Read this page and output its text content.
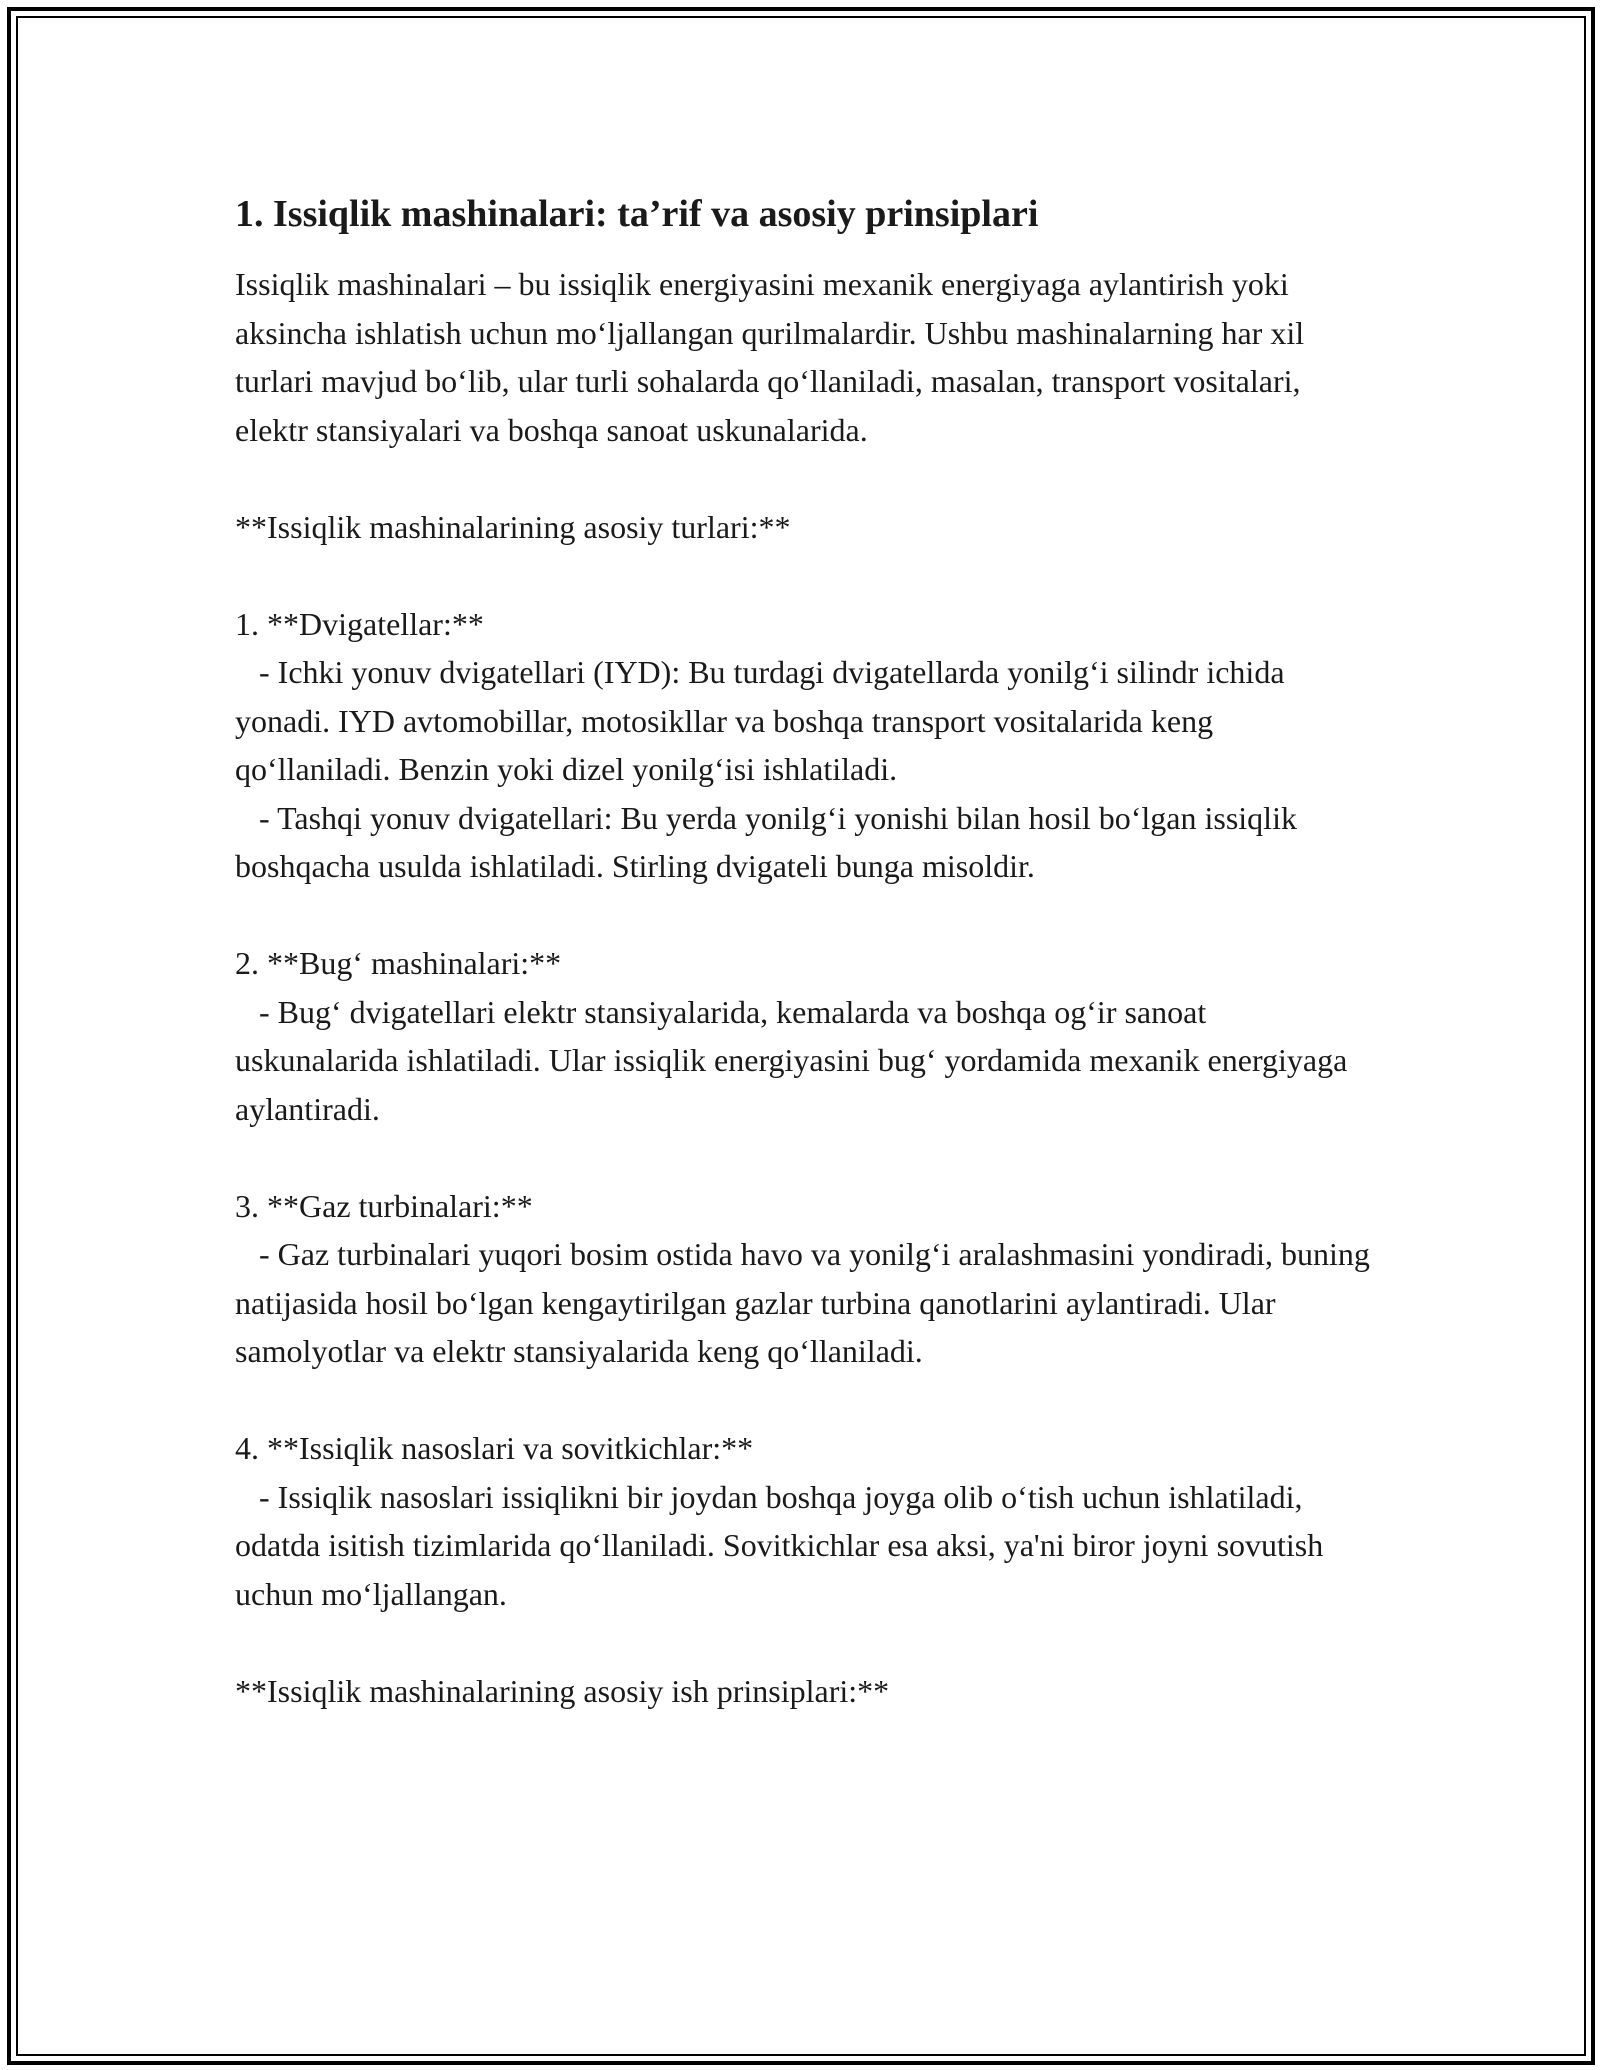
1. Issiqlik mashinalari: ta’rif va asosiy prinsiplari

Issiqlik mashinalari – bu issiqlik energiyasini mexanik energiyaga aylantirish yoki aksincha ishlatish uchun mo‘ljallangan qurilmalardir. Ushbu mashinalarning har xil turlari mavjud bo‘lib, ular turli sohalarda qo‘llaniladi, masalan, transport vositalari, elektr stansiyalari va boshqa sanoat uskunalarida.

**Issiqlik mashinalarining asosiy turlari:**

1. **Dvigatellar:**

- Ichki yonuv dvigatellari (IYD): Bu turdagi dvigatellarda yonilg‘i silindr ichida yonadi. IYD avtomobillar, motosikllar va boshqa transport vositalarida keng qo‘llaniladi. Benzin yoki dizel yonilg‘isi ishlatiladi.

- Tashqi yonuv dvigatellari: Bu yerda yonilg‘i yonishi bilan hosil bo‘lgan issiqlik boshqacha usulda ishlatiladi. Stirling dvigateli bunga misoldir.

2. **Bug‘ mashinalari:**

- Bug‘ dvigatellari elektr stansiyalarida, kemalarda va boshqa og‘ir sanoat uskunalarida ishlatiladi. Ular issiqlik energiyasini bug‘ yordamida mexanik energiyaga aylantiradi.

3. **Gaz turbinalari:**

- Gaz turbinalari yuqori bosim ostida havo va yonilg‘i aralashmasini yondiradi, buning natijasida hosil bo‘lgan kengaytirilgan gazlar turbina qanotlarini aylantiradi. Ular samolyotlar va elektr stansiyalarida keng qo‘llaniladi.

4. **Issiqlik nasoslari va sovitkichlar:**

- Issiqlik nasoslari issiqlikni bir joydan boshqa joyga olib o‘tish uchun ishlatiladi, odatda isitish tizimlarida qo‘llaniladi. Sovitkichlar esa aksi, ya'ni biror joyni sovutish uchun mo‘ljallangan.

**Issiqlik mashinalarining asosiy ish prinsiplari:**
